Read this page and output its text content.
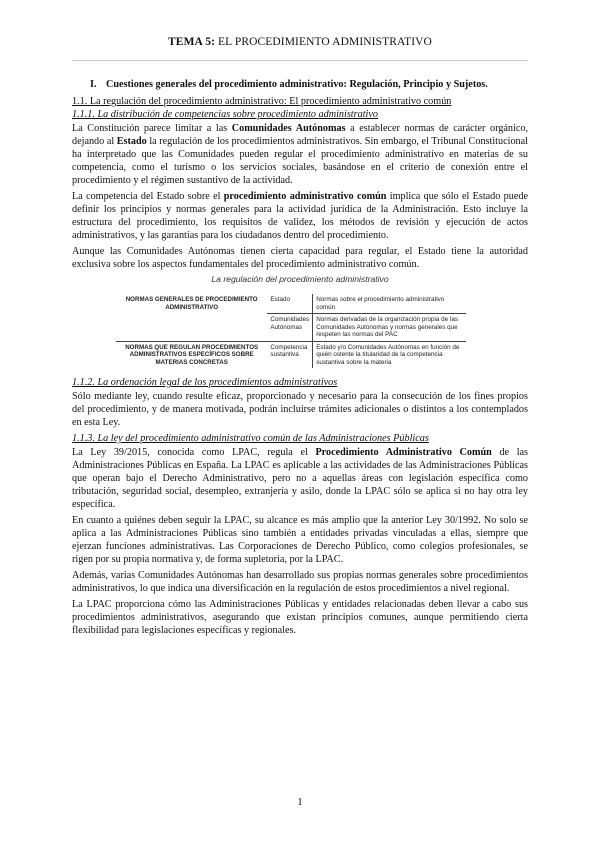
TEMA 5: EL PROCEDIMIENTO ADMINISTRATIVO
I. Cuestiones generales del procedimiento administrativo: Regulación, Principio y Sujetos.
1.1. La regulación del procedimiento administrativo: El procedimiento administrativo común
1.1.1. La distribución de competencias sobre procedimiento administrativo

La Constitución parece limitar a las Comunidades Autónomas a establecer normas de carácter orgánico, dejando al Estado la regulación de los procedimientos administrativos. Sin embargo, el Tribunal Constitucional ha interpretado que las Comunidades pueden regular el procedimiento administrativo en materias de su competencia, como el turismo o los servicios sociales, basándose en el criterio de conexión entre el procedimiento y el régimen sustantivo de la actividad.

La competencia del Estado sobre el procedimiento administrativo común implica que sólo el Estado puede definir los principios y normas generales para la actividad jurídica de la Administración. Esto incluye la estructura del procedimiento, los requisitos de validez, los métodos de revisión y ejecución de actos administrativos, y las garantías para los ciudadanos dentro del procedimiento.

Aunque las Comunidades Autónomas tienen cierta capacidad para regular, el Estado tiene la autoridad exclusiva sobre los aspectos fundamentales del procedimiento administrativo común.

La regulación del procedimiento administrativo
NORMAS GENERALES DE PROCEDIMIENTO ADMINISTRATIVO	Estado	Normas sobre el procedimiento administrativo común
	Comunidades Autónomas	Normas derivadas de la organización propia de las Comunidades Autónomas y normas generales que respeten las normas del PAC
NORMAS QUE REGULAN PROCEDIMIENTOS ADMINISTRATIVOS ESPECÍFICOS SOBRE MATERIAS CONCRETAS	Competencia sustantiva	Estado y/o Comunidades Autónomas en función de quién ostente la titularidad de la competencia sustantiva sobre la materia
1.1.2. La ordenación legal de los procedimientos administrativos

Sólo mediante ley, cuando resulte eficaz, proporcionado y necesario para la consecución de los fines propios del procedimiento, y de manera motivada, podrán incluirse trámites adicionales o distintos a los contemplados en esta Ley.

1.1.3. La ley del procedimiento administrativo común de las Administraciones Públicas

La Ley 39/2015, conocida como LPAC, regula el Procedimiento Administrativo Común de las Administraciones Públicas en España. La LPAC es aplicable a las actividades de las Administraciones Públicas que operan bajo el Derecho Administrativo, pero no a aquellas áreas con legislación específica como tributación, seguridad social, desempleo, extranjería y asilo, donde la LPAC sólo se aplica si no hay otra ley específica.

En cuanto a quiénes deben seguir la LPAC, su alcance es más amplio que la anterior Ley 30/1992. No solo se aplica a las Administraciones Públicas sino también a entidades privadas vinculadas a ellas, siempre que ejerzan funciones administrativas. Las Corporaciones de Derecho Público, como colegios profesionales, se rigen por su propia normativa y, de forma supletoria, por la LPAC.

Además, varias Comunidades Autónomas han desarrollado sus propias normas generales sobre procedimientos administrativos, lo que indica una diversificación en la regulación de estos procedimientos a nivel regional.

La LPAC proporciona cómo las Administraciones Públicas y entidades relacionadas deben llevar a cabo sus procedimientos administrativos, asegurando que existan principios comunes, aunque permitiendo cierta flexibilidad para legislaciones específicas y regionales.

1
